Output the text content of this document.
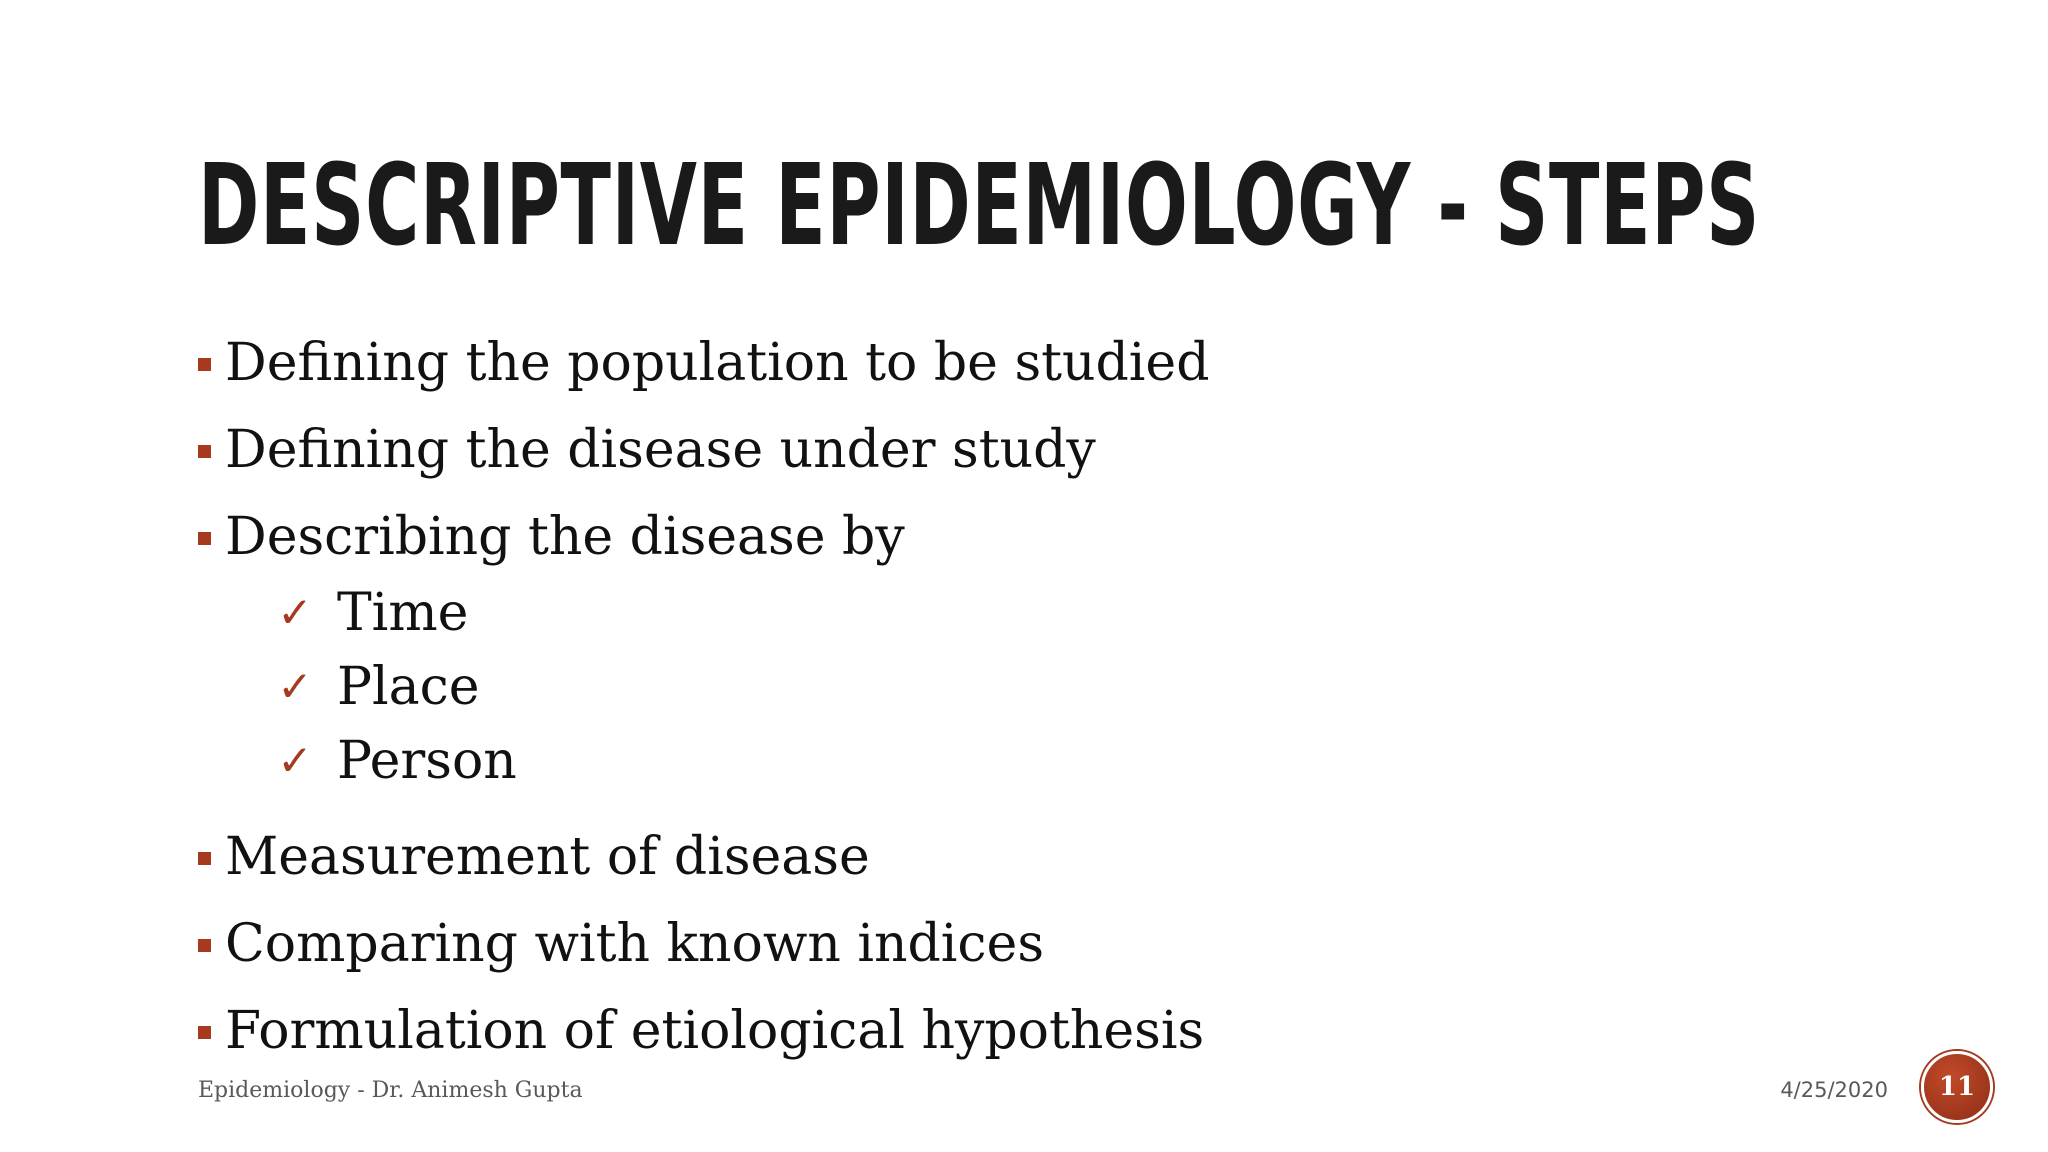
DESCRIPTIVE EPIDEMIOLOGY - STEPS
Defining the population to be studied
Defining the disease under study
Describing the disease by
✓ Time
✓ Place
✓ Person
Measurement of disease
Comparing with known indices
Formulation of etiological hypothesis
Epidemiology - Dr. Animesh Gupta	4/25/2020 11
